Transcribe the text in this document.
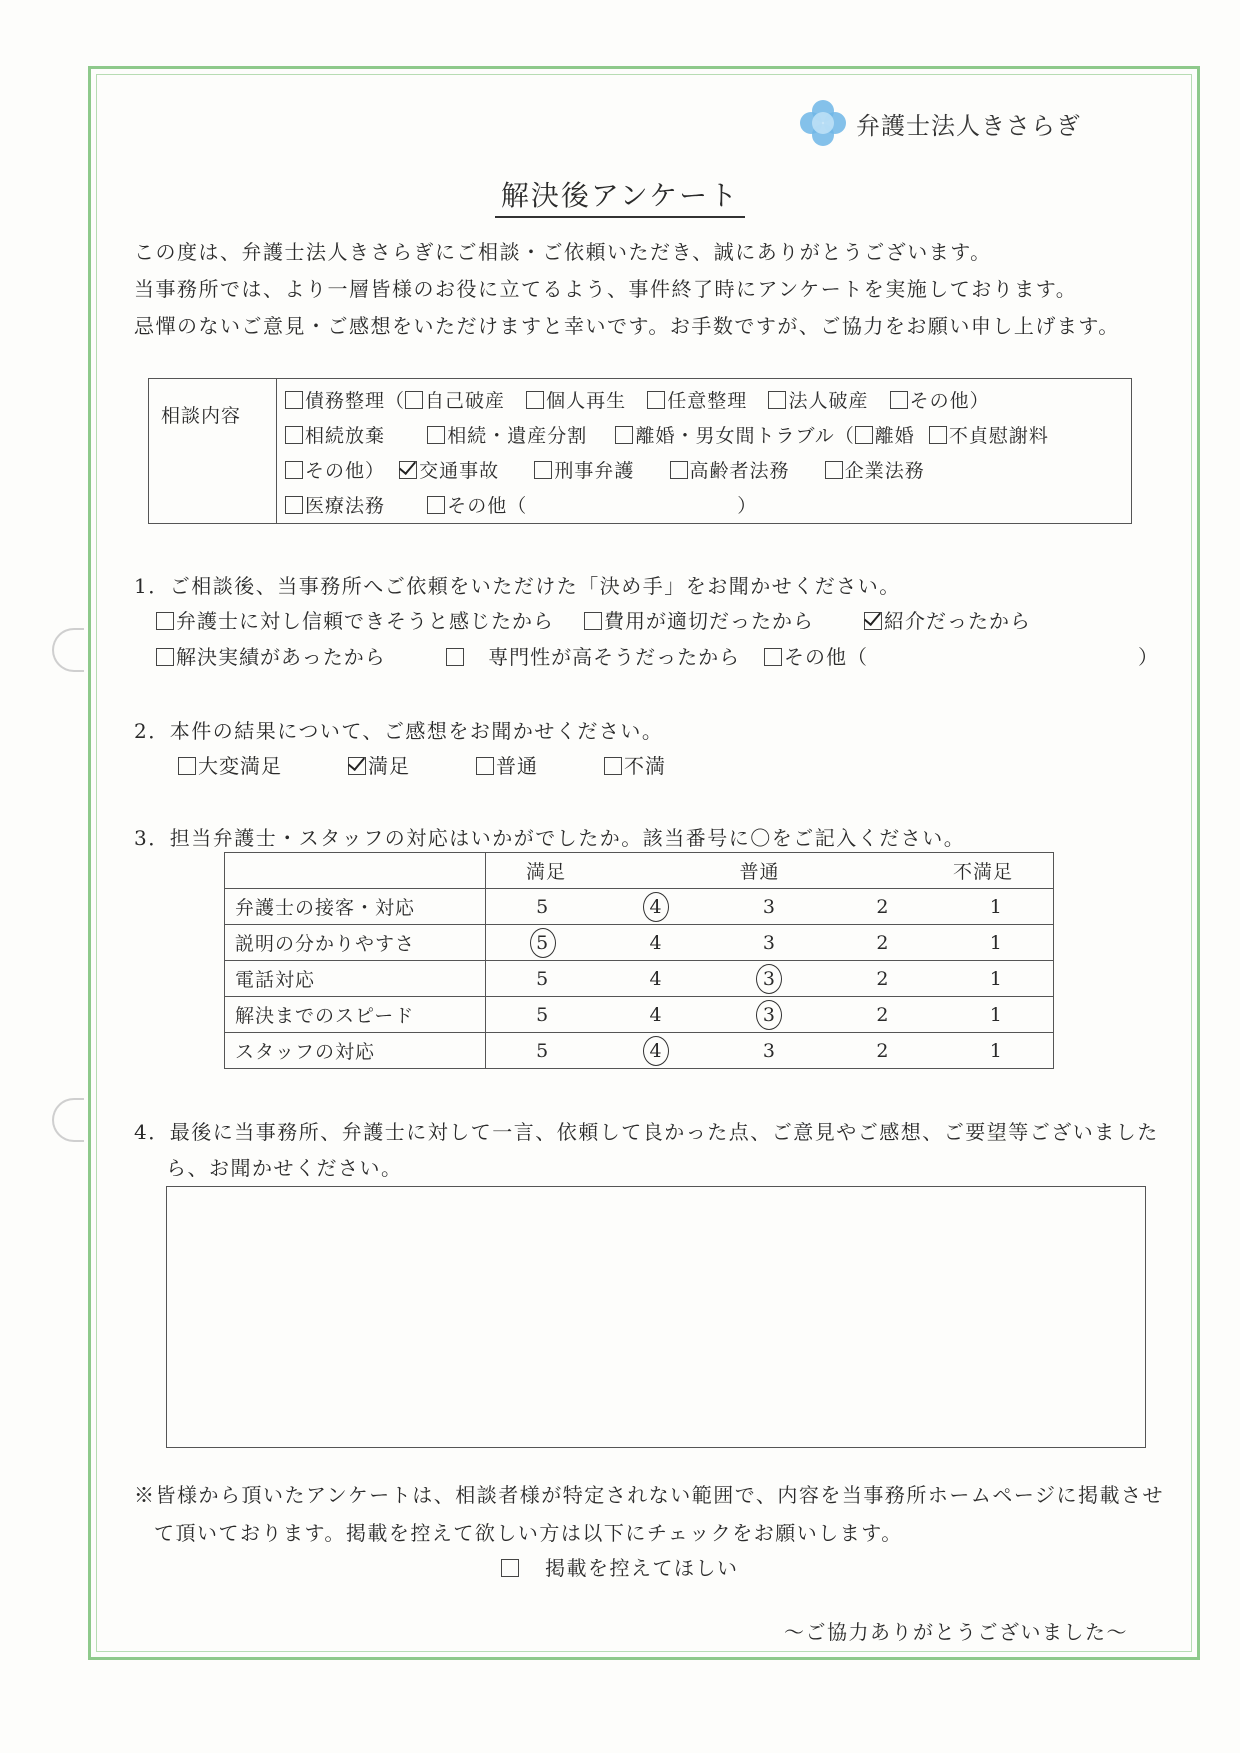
弁護士法人きさらぎ
解決後アンケート
この度は、弁護士法人きさらぎにご相談・ご依頼いただき、誠にありがとうございます。
当事務所では、より一層皆様のお役に立てるよう、事件終了時にアンケートを実施しております。
忌憚のないご意見・ご感想をいただけますと幸いです。お手数ですが、ご協力をお願い申し上げます。
相談内容
債務整理（ 自己破産 個人再生 任意整理 法人破産 その他）
相続放棄	相続・遺産分割	離婚・男女間トラブル（ 離婚 不貞慰謝料
その他） 交通事故	刑事弁護	高齢者法務	企業法務
医療法務	その他（	）
1．ご相談後、当事務所へご依頼をいただけた「決め手」をお聞かせください。
弁護士に対し信頼できそうと感じたから	費用が適切だったから	紹介だったから
解決実績があったから	専門性が高そうだったから	その他（	）
2．本件の結果について、ご感想をお聞かせください。
大変満足	満足	普通	不満
3．担当弁護士・スタッフの対応はいかがでしたか。該当番号に〇をご記入ください。

	満足 普通 不満足

弁護士の接客・対応	5 4 3 2 1

説明の分かりやすさ	5 4 3 2 1

電話対応	5 4 3 2 1

解決までのスピード	5 4 3 2 1

スタッフの対応	5 4 3 2 1
4．最後に当事務所、弁護士に対して一言、依頼して良かった点、ご意見やご感想、ご要望等ございました
ら、お聞かせください。
※皆様から頂いたアンケートは、相談者様が特定されない範囲で、内容を当事務所ホームページに掲載させ
て頂いております。掲載を控えて欲しい方は以下にチェックをお願いします。
掲載を控えてほしい
～ご協力ありがとうございました～
